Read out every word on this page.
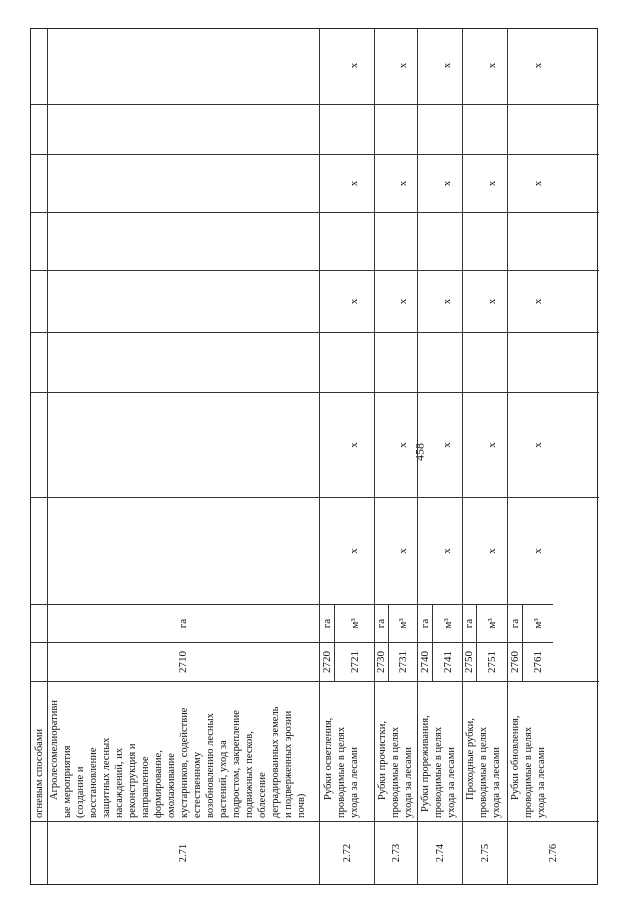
458
огневым способами
2.71
Агролесомелиоративн ые мероприятия (создание и восстановление защитных лесных насаждений, их реконструкция и направленное формирование, омолаживание кустарников, содействие естественному возобновлению лесных растений, уход за подростом, закрепление подвижных песков, облесение деградированных земель и подверженных эрозии почв)
2710
га
2.72
Рубки осветления, проводимые в целях ухода за лесами
2720
га
2721
м³
х
х
х
х
х
2.73
Рубки прочистки, проводимые в целях ухода за лесами
2730
га
2731
м³
х
х
х
х
х
2.74
Рубки прореживания, проводимые в целях ухода за лесами
2740
га
2741
м³
х
х
х
х
х
2.75
Проходные рубки, проводимые в целях ухода за лесами
2750
га
2751
м³
х
х
х
х
х
2.76
Рубки обновления, проводимые в целях ухода за лесами
2760
га
2761
м³
х
х
х
х
х
